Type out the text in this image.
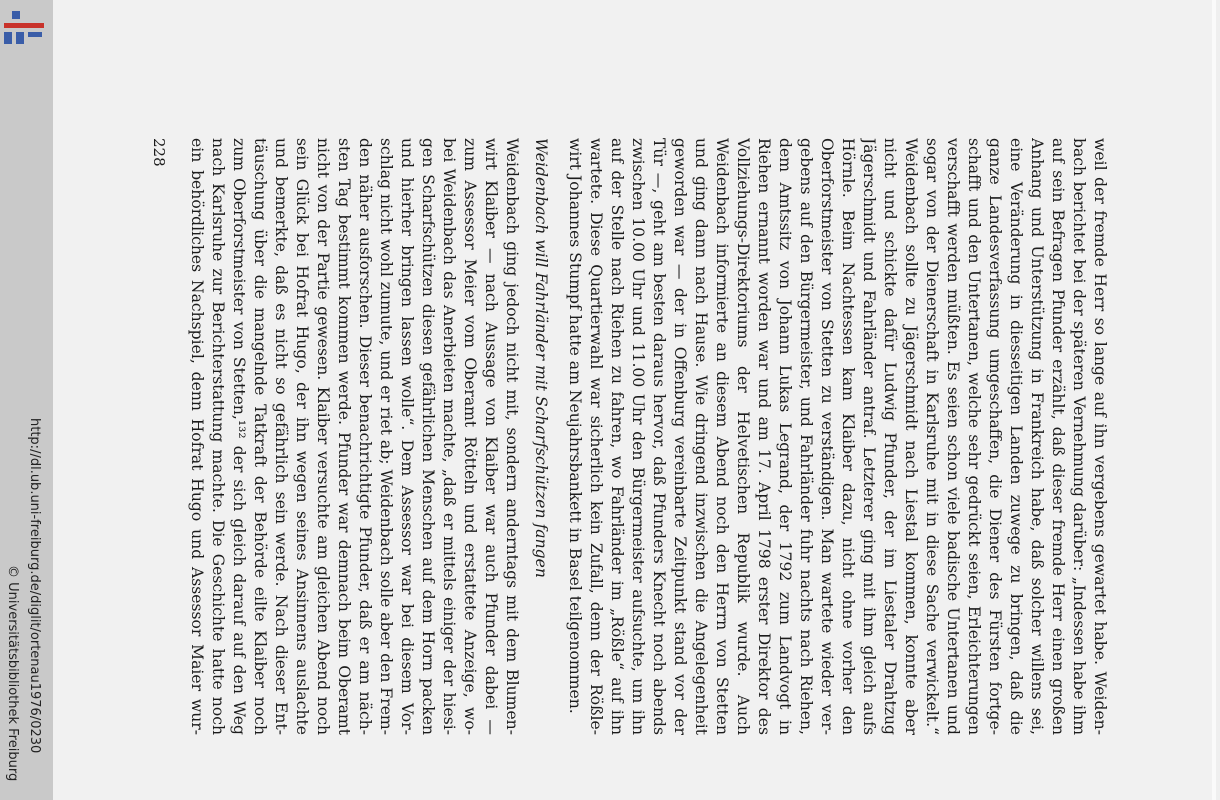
http://dl.ub.uni-freiburg.de/diglit/ortenau1976/0230
© Universitätsbibliothek Freiburg	weil der fremde Herr so lange auf ihn vergebens gewartet habe. Weiden-
bach berichtet bei der späteren Vernehmung darüber: „Indessen habe ihm
auf sein Befragen Pfunder erzählt, daß dieser fremde Herr einen großen
Anhang und Unterstützung in Frankreich habe, daß solcher willens sei,
eine Veränderung in diesseitigen Landen zuwege zu bringen, daß die
ganze Landesverfassung umgeschaffen, die Diener des Fürsten fortge-
schafft und den Untertanen, welche sehr gedrückt seien, Erleichterungen
verschafft werden müßten. Es seien schon viele badische Untertanen und
sogar von der Dienerschaft in Karlsruhe mit in diese Sache verwickelt.“
Weidenbach sollte zu Jägerschmidt nach Liestal kommen, konnte aber
nicht und schickte dafür Ludwig Pfunder, der im Liestaler Drahtzug
Jägerschmidt und Fahrländer antraf. Letzterer ging mit ihm gleich aufs
Hörnle. Beim Nachtessen kam Klaiber dazu, nicht ohne vorher den
Oberforstmeister von Stetten zu verständigen. Man wartete wieder ver-
gebens auf den Bürgermeister, und Fahrländer fuhr nachts nach Riehen,
dem Amtssitz von Johann Lukas Legrand, der 1792 zum Landvogt in
Riehen ernannt worden war und am 17. April 1798 erster Direktor des
Vollziehungs-Direktoriums der Helvetischen Republik wurde. Auch
Weidenbach informierte an diesem Abend noch den Herrn von Stetten
und ging dann nach Hause. Wie dringend inzwischen die Angelegenheit
geworden war — der in Offenburg vereinbarte Zeitpunkt stand vor der
Tür —, geht am besten daraus hervor, daß Pfunders Knecht noch abends
zwischen 10.00 Uhr und 11.00 Uhr den Bürgermeister aufsuchte, um ihn
auf der Stelle nach Riehen zu fahren, wo Fahrländer im „Rößle“ auf ihn
wartete. Diese Quartierwahl war sicherlich kein Zufall, denn der Rößle-
wirt Johannes Stumpf hatte am Neujahrsbankett in Basel teilgenommen.
Weidenbach will Fahrländer mit Scharfschützen fangen
Weidenbach ging jedoch nicht mit, sondern anderntags mit dem Blumen-
wirt Klaiber — nach Aussage von Klaiber war auch Pfunder dabei —
zum Assessor Meier vom Oberamt Rötteln und erstattete Anzeige, wo-
bei Weidenbach das Anerbieten machte, „daß er mittels einiger der hiesi-
gen Scharfschützen diesen gefährlichen Menschen auf dem Horn packen
und hierher bringen lassen wolle“. Dem Assessor war bei diesem Vor-
schlag nicht wohl zumute, und er riet ab; Weidenbach solle aber den Frem-
den näher ausforschen. Dieser benachrichtigte Pfunder, daß er am näch-
sten Tag bestimmt kommen werde. Pfunder war demnach beim Oberamt
nicht von der Partie gewesen. Klaiber versuchte am gleichen Abend noch
sein Glück bei Hofrat Hugo, der ihn wegen seines Ansinnens auslachte
und bemerkte, daß es nicht so gefährlich sein werde. Nach dieser Ent-
täuschung über die mangelnde Tatkraft der Behörde eilte Klaiber noch
zum Oberforstmeister von Stetten,¹³² der sich gleich darauf auf den Weg
nach Karlsruhe zur Berichterstattung machte. Die Geschichte hatte noch
ein behördliches Nachspiel, denn Hofrat Hugo und Assessor Maier wur-
228
